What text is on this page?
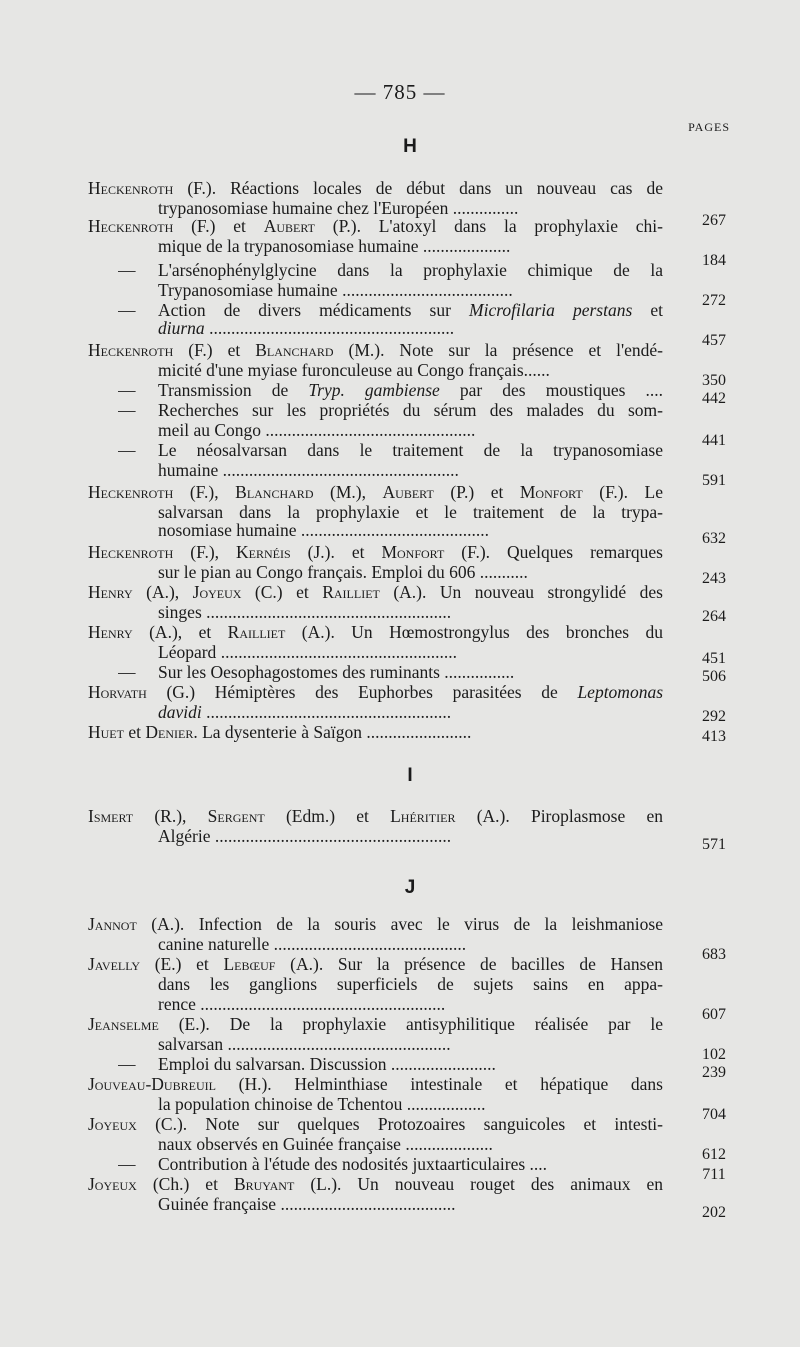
— 785 —
PAGES
H
I
J
Heckenroth (F.). Réactions locales de début dans un nouveau cas de
trypanosomiase humaine chez l'Européen ...............
Heckenroth (F.) et Aubert (P.). L'atoxyl dans la prophylaxie chi-
mique de la trypanosomiase humaine ....................
— L'arsénophénylglycine dans la prophylaxie chimique de la
Trypanosomiase humaine .......................................
— Action de divers médicaments sur Microfilaria perstans et
diurna ........................................................
Heckenroth (F.) et Blanchard (M.). Note sur la présence et l'endé-
micité d'une myiase furonculeuse au Congo français......
— Transmission de Tryp. gambiense par des moustiques ....
— Recherches sur les propriétés du sérum des malades du som-
meil au Congo ................................................
— Le néosalvarsan dans le traitement de la trypanosomiase
humaine ......................................................
Heckenroth (F.), Blanchard (M.), Aubert (P.) et Monfort (F.). Le
salvarsan dans la prophylaxie et le traitement de la trypa-
nosomiase humaine ...........................................
Heckenroth (F.), Kernéis (J.). et Monfort (F.). Quelques remarques
sur le pian au Congo français. Emploi du 606 ...........
Henry (A.), Joyeux (C.) et Railliet (A.). Un nouveau strongylidé des
singes ........................................................
Henry (A.), et Railliet (A.). Un Hœmostrongylus des bronches du
Léopard ......................................................
— Sur les Oesophagostomes des ruminants ................
Horvath (G.) Hémiptères des Euphorbes parasitées de Leptomonas
davidi ........................................................
Huet et Denier. La dysenterie à Saïgon ........................
Ismert (R.), Sergent (Edm.) et Lhéritier (A.). Piroplasmose en
Algérie ......................................................
Jannot (A.). Infection de la souris avec le virus de la leishmaniose
canine naturelle ............................................
Javelly (E.) et Lebœuf (A.). Sur la présence de bacilles de Hansen
dans les ganglions superficiels de sujets sains en appa-
rence ........................................................
Jeanselme (E.). De la prophylaxie antisyphilitique réalisée par le
salvarsan ...................................................
— Emploi du salvarsan. Discussion ........................
Jouveau-Dubreuil (H.). Helminthiase intestinale et hépatique dans
la population chinoise de Tchentou ..................
Joyeux (C.). Note sur quelques Protozoaires sanguicoles et intesti-
naux observés en Guinée française ....................
— Contribution à l'étude des nodosités juxtaarticulaires ....
Joyeux (Ch.) et Bruyant (L.). Un nouveau rouget des animaux en
Guinée française ........................................
267
184
272
457
350
442
441
591
632
243
264
451
506
292
413
571
683
607
102
239
704
612
711
202
